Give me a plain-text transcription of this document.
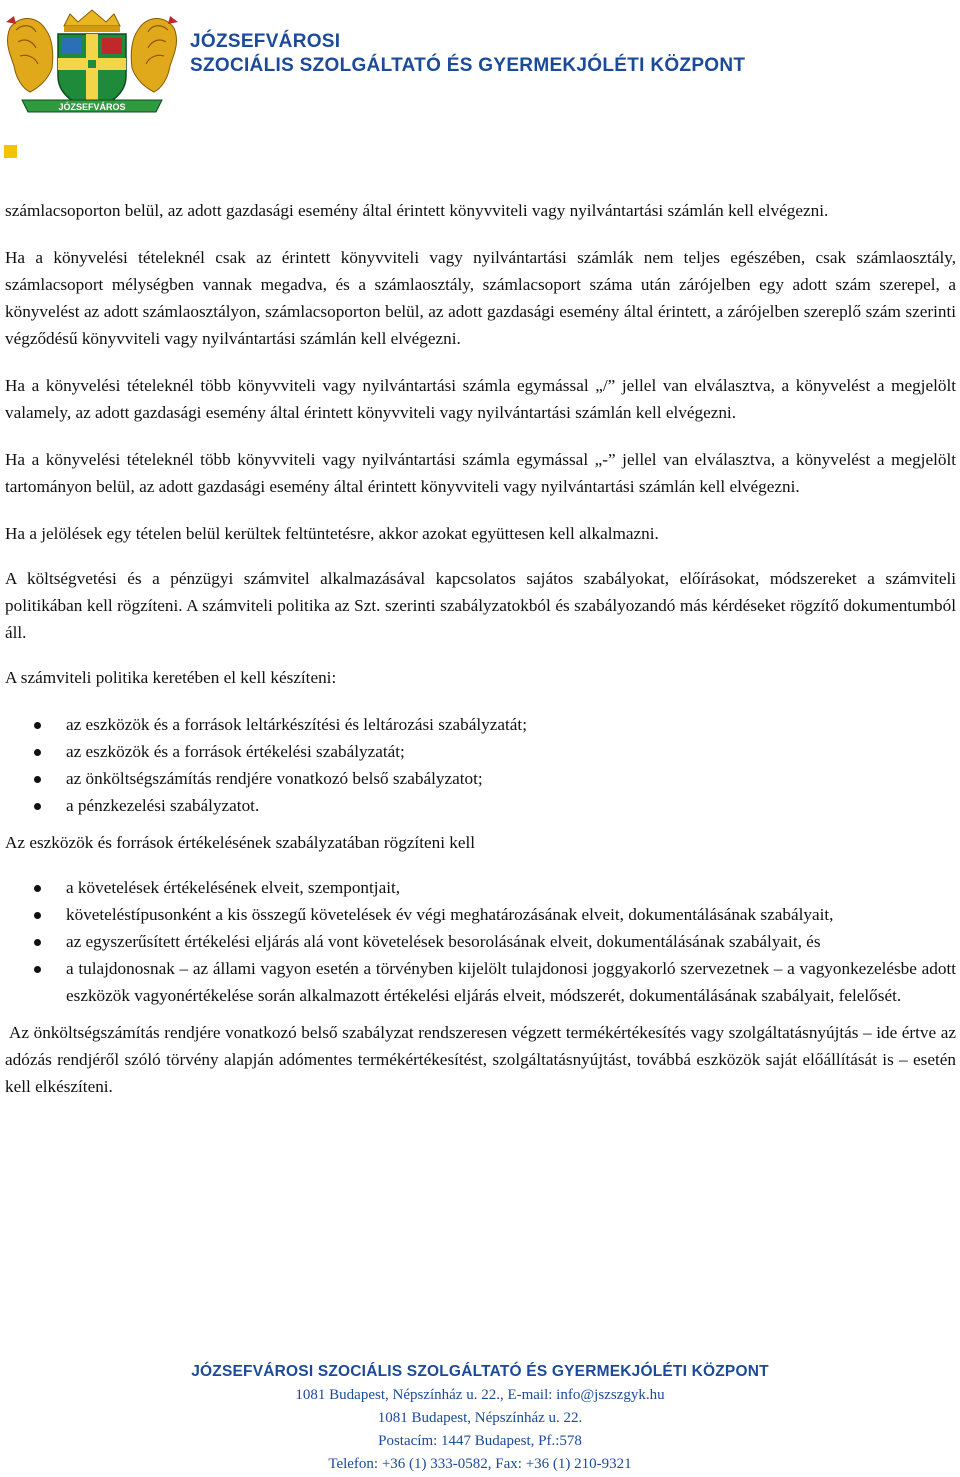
JÓZSEFVÁROS
JÓZSEFVÁROSI
SZOCIÁLIS SZOLGÁLTATÓ ÉS GYERMEKJÓLÉTI KÖZPONT

számlacsoporton belül, az adott gazdasági esemény által érintett könyvviteli vagy nyilvántartási számlán kell elvégezni.

Ha a könyvelési tételeknél csak az érintett könyvviteli vagy nyilvántartási számlák nem teljes egészében, csak számlaosztály, számlacsoport mélységben vannak megadva, és a számlaosztály, számlacsoport száma után zárójelben egy adott szám szerepel, a könyvelést az adott számlaosztályon, számlacsoporton belül, az adott gazdasági esemény által érintett, a zárójelben szereplő szám szerinti végződésű könyvviteli vagy nyilvántartási számlán kell elvégezni.

Ha a könyvelési tételeknél több könyvviteli vagy nyilvántartási számla egymással „/” jellel van elválasztva, a könyvelést a megjelölt valamely, az adott gazdasági esemény által érintett könyvviteli vagy nyilvántartási számlán kell elvégezni.

Ha a könyvelési tételeknél több könyvviteli vagy nyilvántartási számla egymással „-” jellel van elválasztva, a könyvelést a megjelölt tartományon belül, az adott gazdasági esemény által érintett könyvviteli vagy nyilvántartási számlán kell elvégezni.

Ha a jelölések egy tételen belül kerültek feltüntetésre, akkor azokat együttesen kell alkalmazni.

A költségvetési és a pénzügyi számvitel alkalmazásával kapcsolatos sajátos szabályokat, előírásokat, módszereket a számviteli politikában kell rögzíteni. A számviteli politika az Szt. szerinti szabályzatokból és szabályozandó más kérdéseket rögzítő dokumentumból áll.

A számviteli politika keretében el kell készíteni:

az eszközök és a források leltárkészítési és leltározási szabályzatát;
az eszközök és a források értékelési szabályzatát;
az önköltségszámítás rendjére vonatkozó belső szabályzatot;
a pénzkezelési szabályzatot.

Az eszközök és források értékelésének szabályzatában rögzíteni kell

a követelések értékelésének elveit, szempontjait,
követeléstípusonként a kis összegű követelések év végi meghatározásának elveit, dokumentálásának szabályait,
az egyszerűsített értékelési eljárás alá vont követelések besorolásának elveit, dokumentálásának szabályait, és
a tulajdonosnak – az állami vagyon esetén a törvényben kijelölt tulajdonosi joggyakorló szervezetnek – a vagyonkezelésbe adott eszközök vagyonértékelése során alkalmazott értékelési eljárás elveit, módszerét, dokumentálásának szabályait, felelősét.

Az önköltségszámítás rendjére vonatkozó belső szabályzat rendszeresen végzett termékértékesítés vagy szolgáltatásnyújtás – ide értve az adózás rendjéről szóló törvény alapján adómentes termékértékesítést, szolgáltatásnyújtást, továbbá eszközök saját előállítását is – esetén kell elkészíteni.

JÓZSEFVÁROSI SZOCIÁLIS SZOLGÁLTATÓ ÉS GYERMEKJÓLÉTI KÖZPONT
1081 Budapest, Népszínház u. 22., E-mail: info@jszszgyk.hu
1081 Budapest, Népszínház u. 22.
Postacím: 1447 Budapest, Pf.:578
Telefon: +36 (1) 333-0582, Fax: +36 (1) 210-9321
